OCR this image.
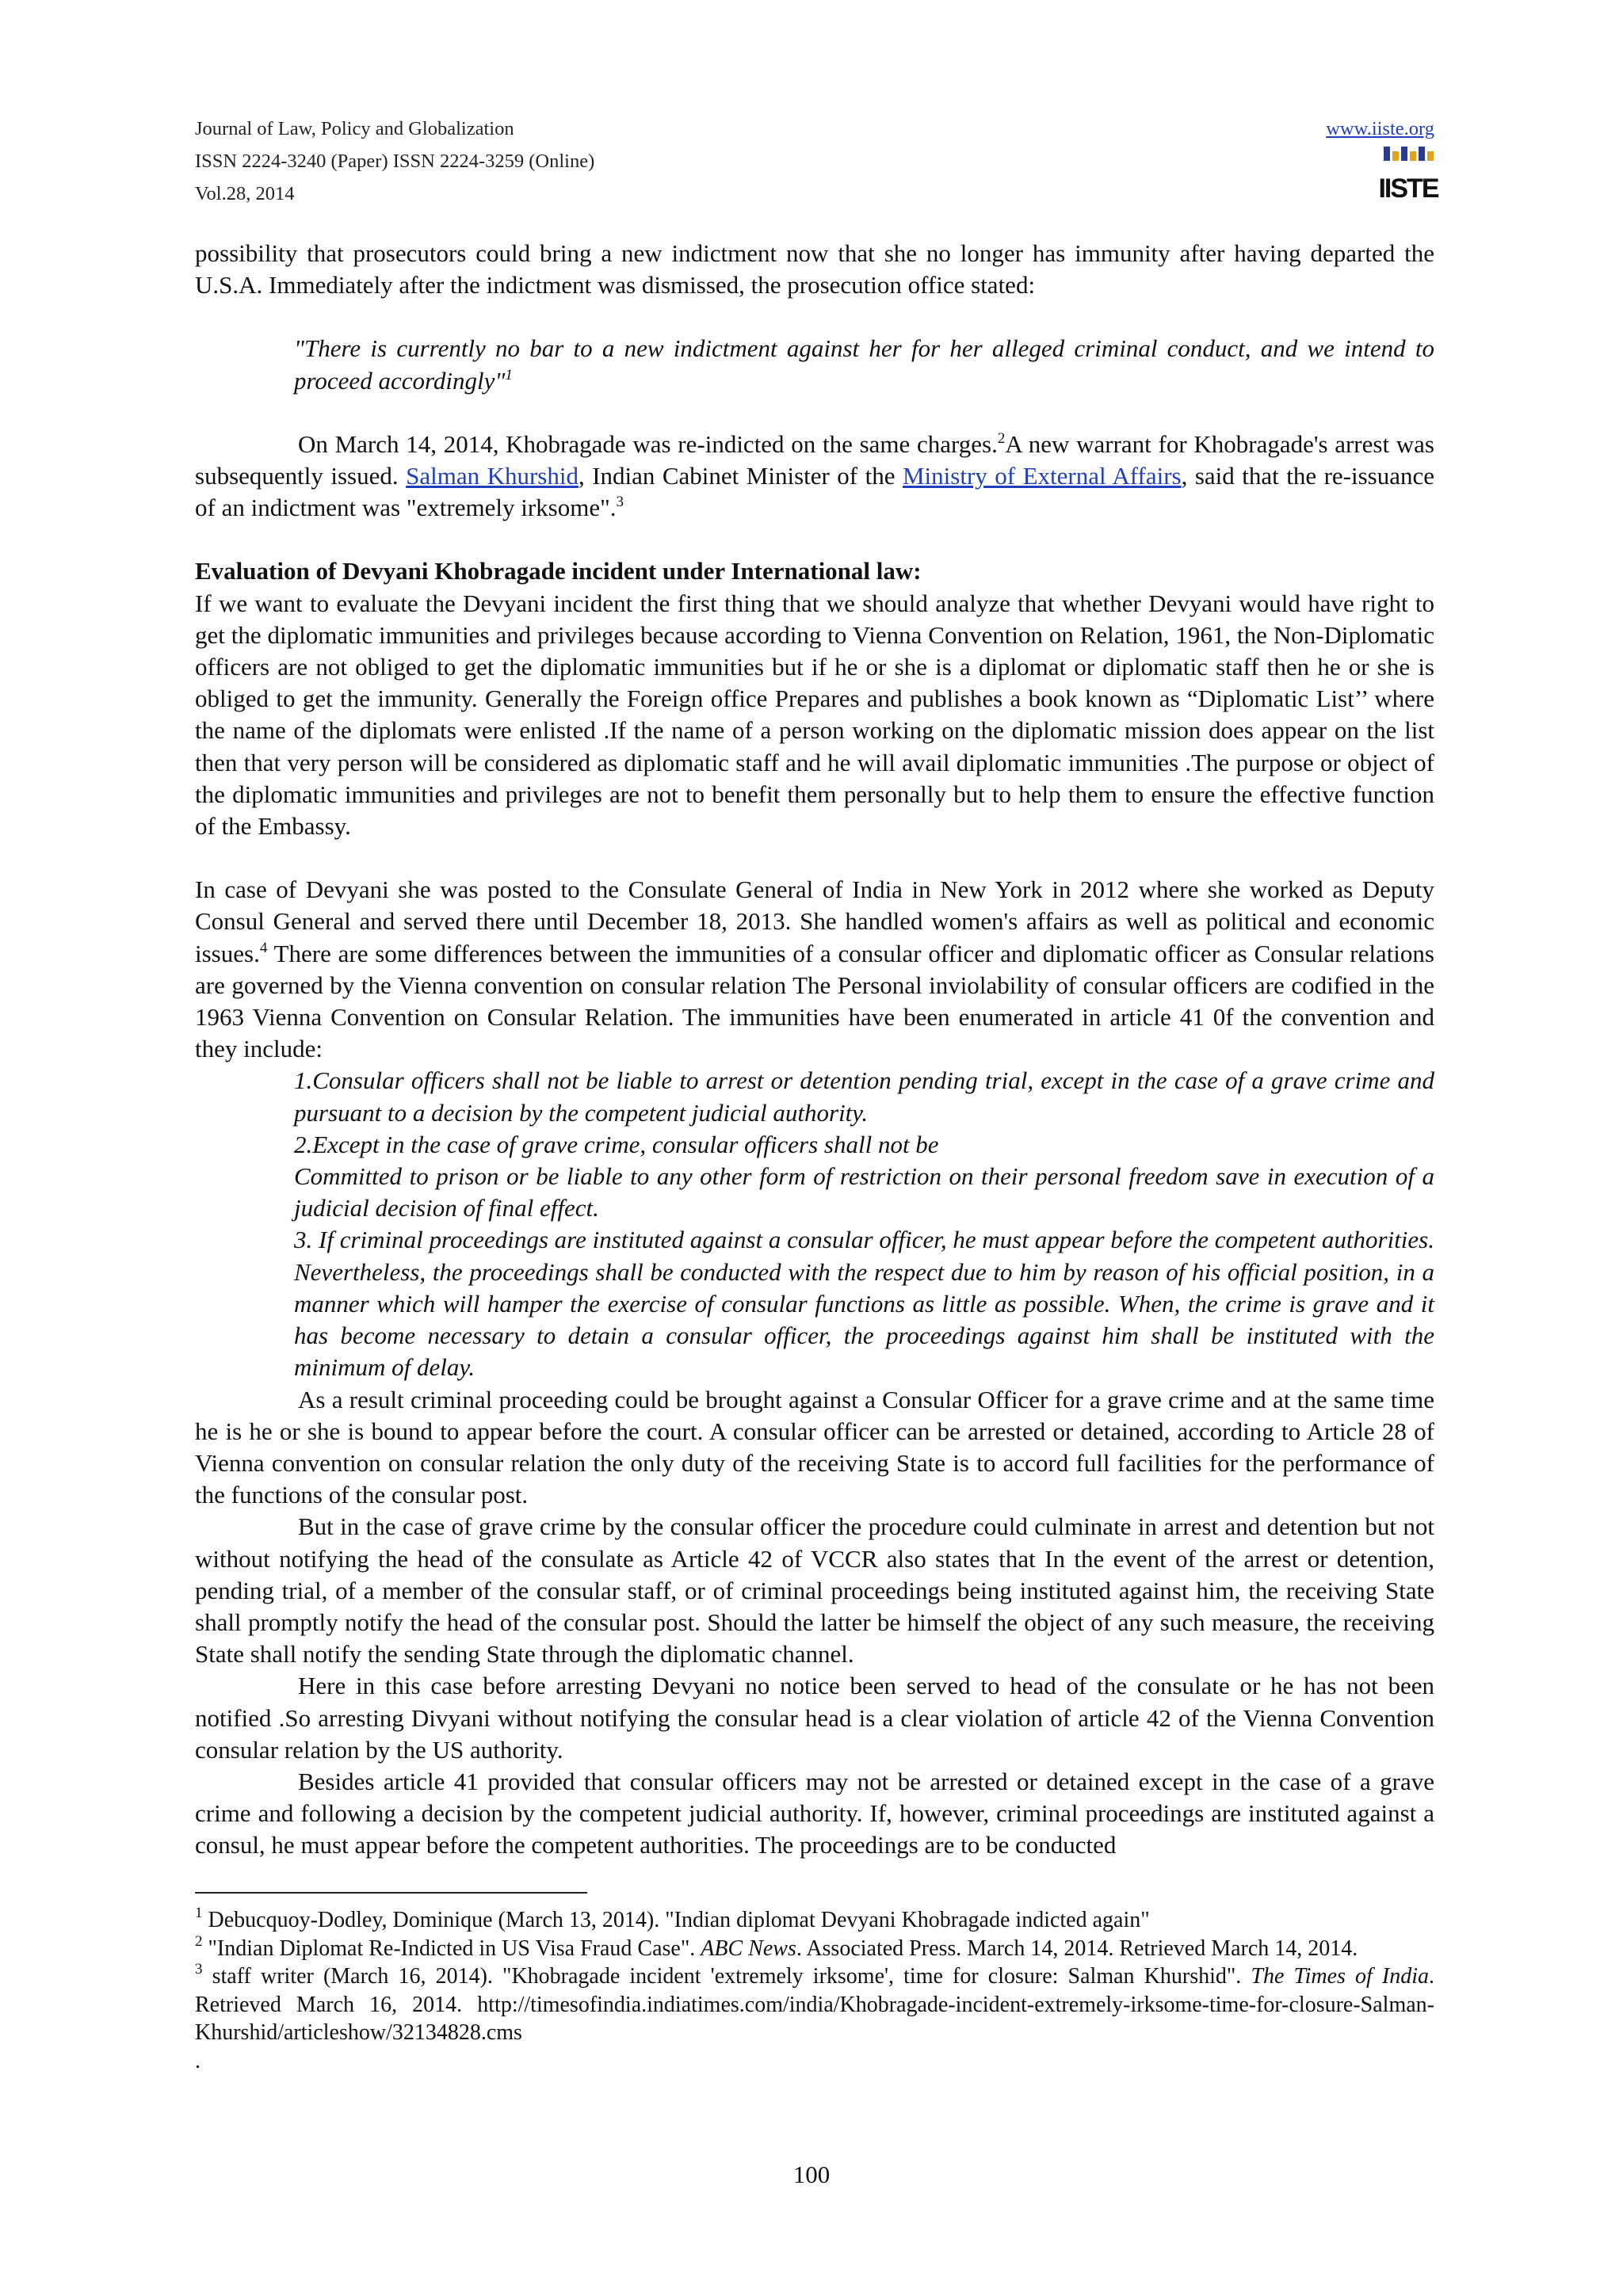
Journal of Law, Policy and Globalization
ISSN 2224-3240 (Paper) ISSN 2224-3259 (Online)
Vol.28, 2014
www.iiste.org
IISTE

possibility that prosecutors could bring a new indictment now that she no longer has immunity after having departed the U.S.A. Immediately after the indictment was dismissed, the prosecution office stated:

"There is currently no bar to a new indictment against her for her alleged criminal conduct, and we intend to proceed accordingly"$^1$

On March 14, 2014, Khobragade was re-indicted on the same charges.$^2$A new warrant for Khobragade's arrest was subsequently issued. Salman Khurshid, Indian Cabinet Minister of the Ministry of External Affairs, said that the re-issuance of an indictment was "extremely irksome".$^3$

Evaluation of Devyani Khobragade incident under International law:

If we want to evaluate the Devyani incident the first thing that we should analyze that whether Devyani would have right to get the diplomatic immunities and privileges because according to Vienna Convention on Relation, 1961, the Non-Diplomatic officers are not obliged to get the diplomatic immunities but if he or she is a diplomat or diplomatic staff then he or she is obliged to get the immunity. Generally the Foreign office Prepares and publishes a book known as “Diplomatic List’’ where the name of the diplomats were enlisted .If the name of a person working on the diplomatic mission does appear on the list then that very person will be considered as diplomatic staff and he will avail diplomatic immunities .The purpose or object of the diplomatic immunities and privileges are not to benefit them personally but to help them to ensure the effective function of the Embassy.

In case of Devyani she was posted to the Consulate General of India in New York in 2012 where she worked as Deputy Consul General and served there until December 18, 2013. She handled women's affairs as well as political and economic issues.$^4$ There are some differences between the immunities of a consular officer and diplomatic officer as Consular relations are governed by the Vienna convention on consular relation The Personal inviolability of consular officers are codified in the 1963 Vienna Convention on Consular Relation. The immunities have been enumerated in article 41 0f the convention and they include:

1.Consular officers shall not be liable to arrest or detention pending trial, except in the case of a grave crime and pursuant to a decision by the competent judicial authority.

2.Except in the case of grave crime, consular officers shall not be

Committed to prison or be liable to any other form of restriction on their personal freedom save in execution of a judicial decision of final effect.

3. If criminal proceedings are instituted against a consular officer, he must appear before the competent authorities. Nevertheless, the proceedings shall be conducted with the respect due to him by reason of his official position, in a manner which will hamper the exercise of consular functions as little as possible. When, the crime is grave and it has become necessary to detain a consular officer, the proceedings against him shall be instituted with the minimum of delay.

As a result criminal proceeding could be brought against a Consular Officer for a grave crime and at the same time he is he or she is bound to appear before the court. A consular officer can be arrested or detained, according to Article 28 of Vienna convention on consular relation the only duty of the receiving State is to accord full facilities for the performance of the functions of the consular post.

But in the case of grave crime by the consular officer the procedure could culminate in arrest and detention but not without notifying the head of the consulate as Article 42 of VCCR also states that In the event of the arrest or detention, pending trial, of a member of the consular staff, or of criminal proceedings being instituted against him, the receiving State shall promptly notify the head of the consular post. Should the latter be himself the object of any such measure, the receiving State shall notify the sending State through the diplomatic channel.

Here in this case before arresting Devyani no notice been served to head of the consulate or he has not been notified .So arresting Divyani without notifying the consular head is a clear violation of article 42 of the Vienna Convention consular relation by the US authority.

Besides article 41 provided that consular officers may not be arrested or detained except in the case of a grave crime and following a decision by the competent judicial authority. If, however, criminal proceedings are instituted against a consul, he must appear before the competent authorities. The proceedings are to be conducted

$^1$ Debucquoy-Dodley, Dominique (March 13, 2014). "Indian diplomat Devyani Khobragade indicted again"

$^2$ "Indian Diplomat Re-Indicted in US Visa Fraud Case". ABC News. Associated Press. March 14, 2014. Retrieved March 14, 2014.

$^3$ staff writer (March 16, 2014). "Khobragade incident 'extremely irksome', time for closure: Salman Khurshid". The Times of India. Retrieved March 16, 2014. http://timesofindia.indiatimes.com/india/Khobragade-incident-extremely-irksome-time-for-closure-Salman-Khurshid/articleshow/32134828.cms

.

100
